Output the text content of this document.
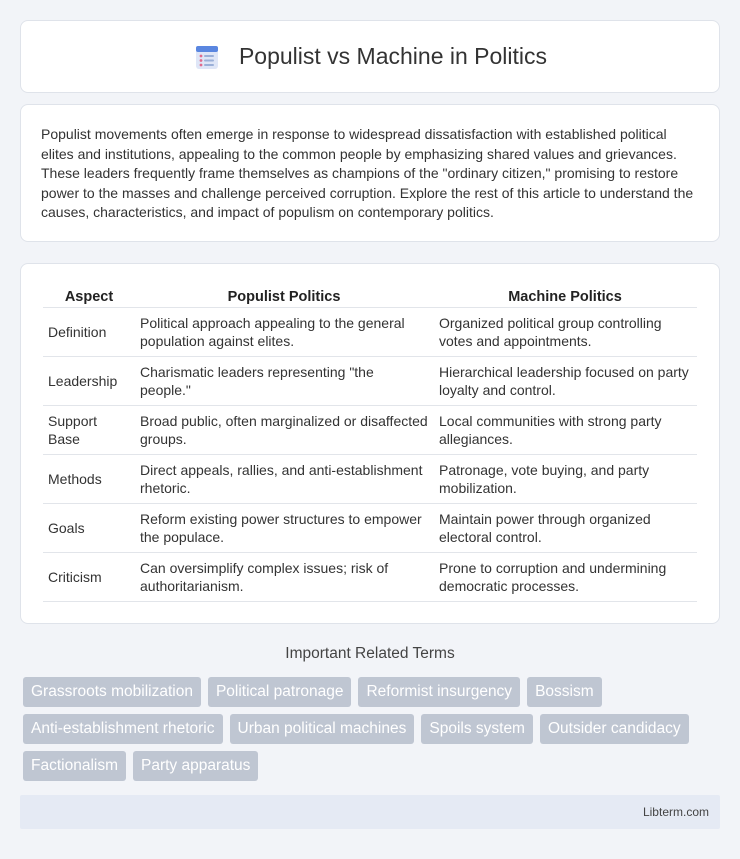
Populist vs Machine in Politics

Populist movements often emerge in response to widespread dissatisfaction with established political elites and institutions, appealing to the common people by emphasizing shared values and grievances. These leaders frequently frame themselves as champions of the "ordinary citizen," promising to restore power to the masses and challenge perceived corruption. Explore the rest of this article to understand the causes, characteristics, and impact of populism on contemporary politics.

Aspect	Populist Politics	Machine Politics
Definition	Political approach appealing to the general population against elites.	Organized political group controlling votes and appointments.
Leadership	Charismatic leaders representing "the people."	Hierarchical leadership focused on party loyalty and control.
Support Base	Broad public, often marginalized or disaffected groups.	Local communities with strong party allegiances.
Methods	Direct appeals, rallies, and anti-establishment rhetoric.	Patronage, vote buying, and party mobilization.
Goals	Reform existing power structures to empower the populace.	Maintain power through organized electoral control.
Criticism	Can oversimplify complex issues; risk of authoritarianism.	Prone to corruption and undermining democratic processes.
Important Related Terms
Grassroots mobilization	Political patronage	Reformist insurgency	Bossism
Anti-establishment rhetoric	Urban political machines	Spoils system	Outsider candidacy
Factionalism	Party apparatus
Libterm.com
